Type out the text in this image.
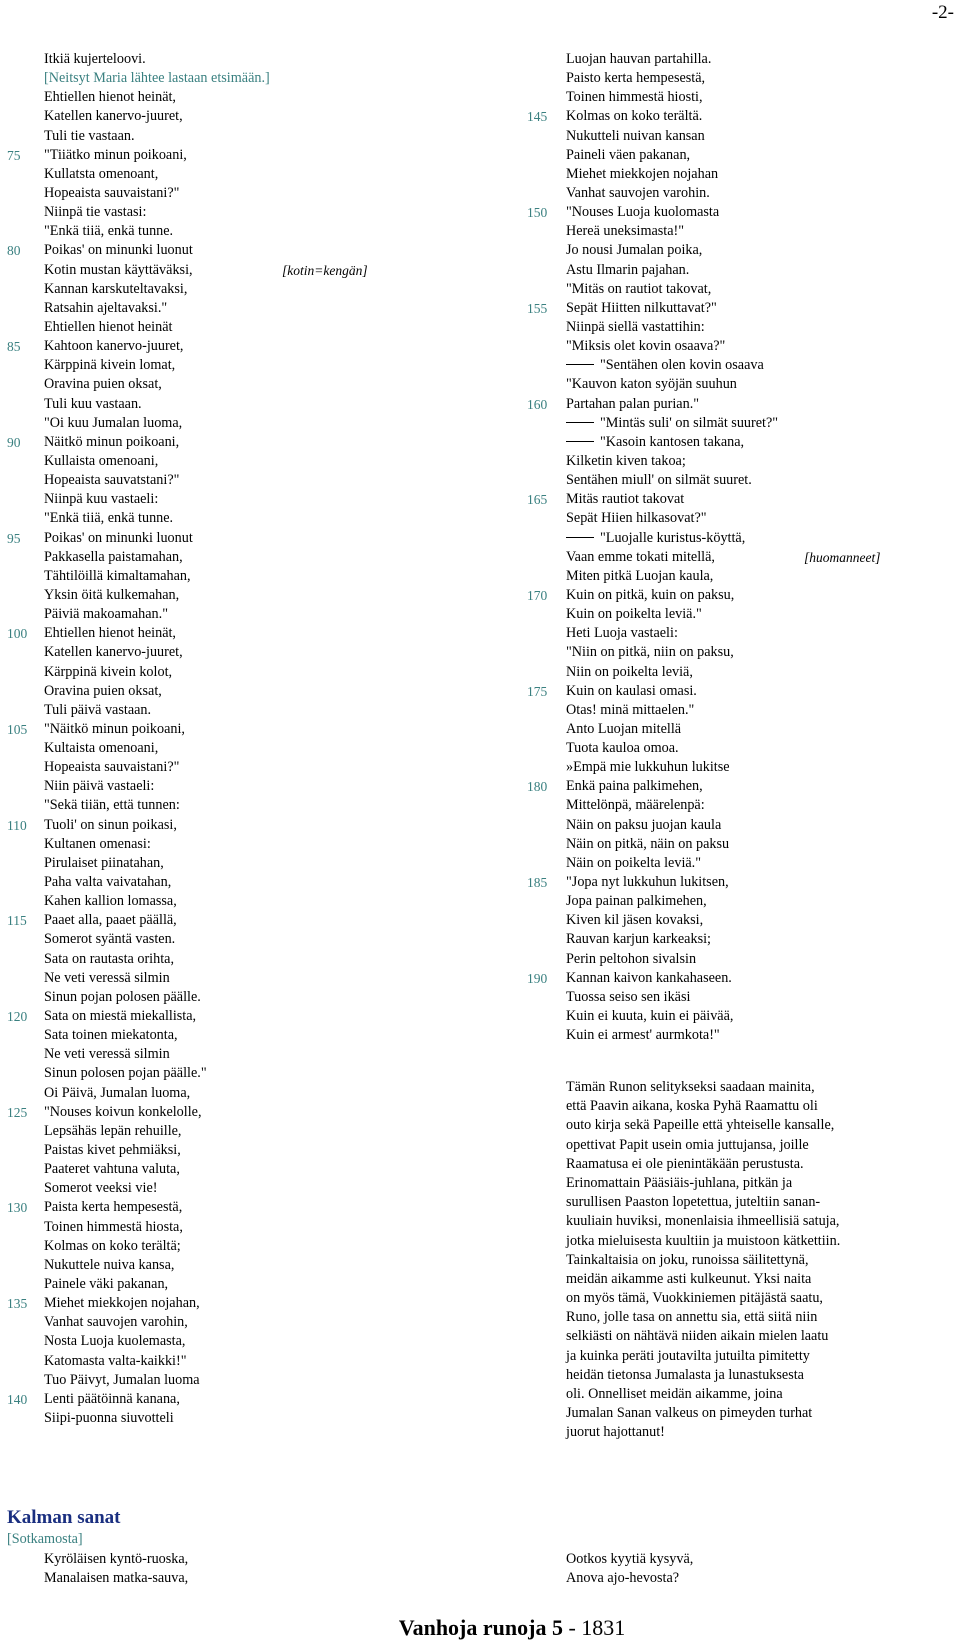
-2-
Itkiä kujerteloovi.
[Neitsyt Maria lähtee lastaan etsimään.]
Ehtiellen hienot heinät,
Katellen kanervo-juuret,
Tuli tie vastaan.
75 "Tiiätko minun poikoani,
Kullatsta omenoant,
Hopeaista sauvaistani?"
Niinpä tie vastasi:
"Enkä tiiä, enkä tunne.
80 Poikas' on minunki luonut
Kotin mustan käyttäväksi,	[kotin=kengän]
Kannan karskuteltavaksi,
Ratsahin ajeltavaksi."
Ehtiellen hienot heinät
85 Kahtoon kanervo-juuret,
Kärppinä kivein lomat,
Oravina puien oksat,
Tuli kuu vastaan.
"Oi kuu Jumalan luoma,
90 Näitkö minun poikoani,
Kullaista omenoani,
Hopeaista sauvatstani?"
Niinpä kuu vastaeli:
"Enkä tiiä, enkä tunne.
95 Poikas' on minunki luonut
Pakkasella paistamahan,
Tähtilöillä kimaltamahan,
Yksin öitä kulkemahan,
Päiviä makoamahan."
100 Ehtiellen hienot heinät,
Katellen kanervo-juuret,
Kärppinä kivein kolot,
Oravina puien oksat,
Tuli päivä vastaan.
105 "Näitkö minun poikoani,
Kultaista omenoani,
Hopeaista sauvaistani?"
Niin päivä vastaeli:
"Sekä tiiän, että tunnen:
110 Tuoli' on sinun poikasi,
Kultanen omenasi:
Pirulaiset piinatahan,
Paha valta vaivatahan,
Kahen kallion lomassa,
115 Paaet alla, paaet päällä,
Somerot syäntä vasten.
Sata on rautasta orihta,
Ne veti veressä silmin
Sinun pojan polosen päälle.
120 Sata on miestä miekallista,
Sata toinen miekatonta,
Ne veti veressä silmin
Sinun polosen pojan päälle."
Oi Päivä, Jumalan luoma,
125 "Nouses koivun konkelolle,
Lepsähäs lepän rehuille,
Paistas kivet pehmiäksi,
Paateret vahtuna valuta,
Somerot veeksi vie!
130 Paista kerta hempesestä,
Toinen himmestä hiosta,
Kolmas on koko terältä;
Nukuttele nuiva kansa,
Painele väki pakanan,
135 Miehet miekkojen nojahan,
Vanhat sauvojen varohin,
Nosta Luoja kuolemasta,
Katomasta valta-kaikki!"
Tuo Päivyt, Jumalan luoma
140 Lenti päätöinnä kanana,
Siipi-puonna siuvotteli
Luojan hauvan partahilla.
Paisto kerta hempesestä,
Toinen himmestä hiosti,
145 Kolmas on koko terältä.
Nukutteli nuivan kansan
Paineli väen pakanan,
Miehet miekkojen nojahan
Vanhat sauvojen varohin.
150 "Nouses Luoja kuolomasta
Hereä uneksimasta!"
Jo nousi Jumalan poika,
Astu Ilmarin pajahan.
"Mitäs on rautiot takovat,
155 Sepät Hiitten nilkuttavat?"
Niinpä siellä vastattihin:
"Miksis olet kovin osaava?"
"Sentähen olen kovin osaava
"Kauvon katon syöjän suuhun
160 Partahan palan purian."
"Mintäs suli' on silmät suuret?"
"Kasoin kantosen takana,
Kilketin kiven takoa;
Sentähen miull' on silmät suuret.
165 Mitäs rautiot takovat
Sepät Hiien hilkasovat?"
"Luojalle kuristus-köyttä,
Vaan emme tokati mitellä,	[huomanneet]
Miten pitkä Luojan kaula,
170 Kuin on pitkä, kuin on paksu,
Kuin on poikelta leviä."
Heti Luoja vastaeli:
"Niin on pitkä, niin on paksu,
Niin on poikelta leviä,
175 Kuin on kaulasi omasi.
Otas! minä mittaelen."
Anto Luojan mitellä
Tuota kauloa omoa.
»Empä mie lukkuhun lukitse
180 Enkä paina palkimehen,
Mittelönpä, määrelenpä:
Näin on paksu juojan kaula
Näin on pitkä, näin on paksu
Näin on poikelta leviä."
185 "Jopa nyt lukkuhun lukitsen,
Jopa painan palkimehen,
Kiven kil jäsen kovaksi,
Rauvan karjun karkeaksi;
Perin peltohon sivalsin
190 Kannan kaivon kankahaseen.
Tuossa seiso sen ikäsi
Kuin ei kuuta, kuin ei päivää,
Kuin ei armest' aurmkota!"
Tämän Runon selitykseksi saadaan mainita,
että Paavin aikana, koska Pyhä Raamattu oli
outo kirja sekä Papeille että yhteiselle kansalle,
opettivat Papit usein omia juttujansa, joille
Raamatusa ei ole pienintäkään perustusta.
Erinomattain Pääsiäis-juhlana, pitkän ja
surullisen Paaston lopetettua, juteltiin sanan-
kuuliain huviksi, monenlaisia ihmeellisiä satuja,
jotka mieluisesta kuultiin ja muistoon kätkettiin.
Tainkaltaisia on joku, runoissa säilitettynä,
meidän aikamme asti kulkeunut. Yksi naita
on myös tämä, Vuokkiniemen pitäjästä saatu,
Runo, jolle tasa on annettu sia, että siitä niin
selkiästi on nähtävä niiden aikain mielen laatu
ja kuinka peräti joutavilta jutuilta pimitetty
heidän tietonsa Jumalasta ja lunastuksesta
oli. Onnelliset meidän aikamme, joina
Jumalan Sanan valkeus on pimeyden turhat
juorut hajottanut!
Kalman sanat
[Sotkamosta]
Kyröläisen kyntö-ruoska,
Manalaisen matka-sauva,
Ootkos kyytiä kysyvä,
Anova ajo-hevosta?
Vanhoja runoja 5 - 1831
